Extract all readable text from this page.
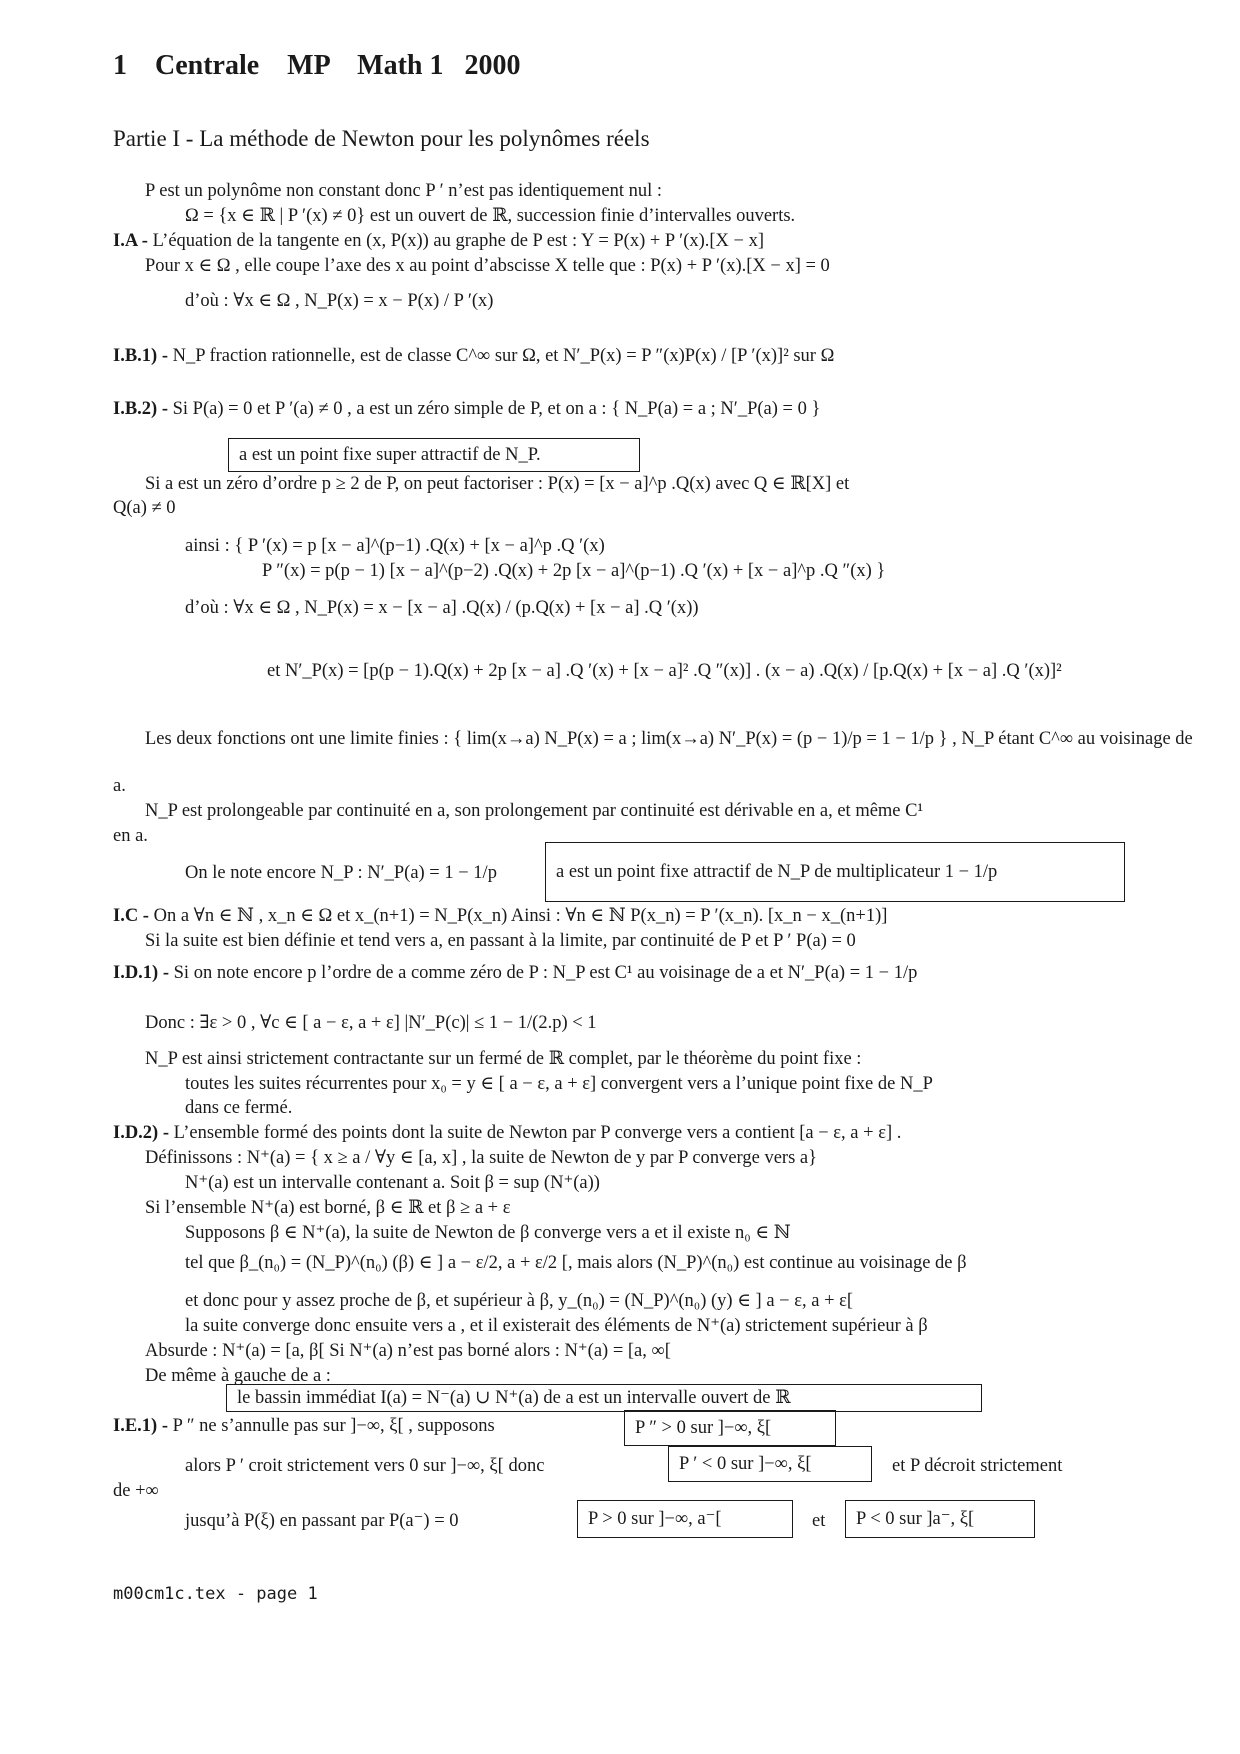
1    Centrale    MP    Math 1   2000
Partie I - La méthode de Newton pour les polynômes réels
P est un polynôme non constant donc P ′ n’est pas identiquement nul :
Ω = {x ∈ ℝ | P ′(x) ≠ 0} est un ouvert de ℝ, succession finie d’intervalles ouverts.
I.A - L’équation de la tangente en (x, P(x)) au graphe de P est : Y = P(x) + P ′(x).[X − x]
Pour x ∈ Ω , elle coupe l’axe des x au point d’abscisse X telle que : P(x) + P ′(x).[X − x] = 0
d’où : ∀x ∈ Ω , N_P(x) = x − P(x) / P ′(x)
I.B.1) - N_P fraction rationnelle, est de classe C^∞ sur Ω, et N′_P(x) = P ″(x)P(x) / [P ′(x)]² sur Ω
I.B.2) - Si P(a) = 0 et P ′(a) ≠ 0 , a est un zéro simple de P, et on a : { N_P(a) = a ; N′_P(a) = 0 }
Si a est un zéro d’ordre p ≥ 2 de P, on peut factoriser : P(x) = [x − a]^p .Q(x) avec Q ∈ ℝ[X] et
Q(a) ≠ 0
ainsi : { P ′(x) = p [x − a]^(p−1) .Q(x) + [x − a]^p .Q ′(x)
P ″(x) = p(p − 1) [x − a]^(p−2) .Q(x) + 2p [x − a]^(p−1) .Q ′(x) + [x − a]^p .Q ″(x) }
d’où : ∀x ∈ Ω , N_P(x) = x − [x − a] .Q(x) / (p.Q(x) + [x − a] .Q ′(x))
et N′_P(x) = [p(p − 1).Q(x) + 2p [x − a] .Q ′(x) + [x − a]² .Q ″(x)] . (x − a) .Q(x) / [p.Q(x) + [x − a] .Q ′(x)]²
Les deux fonctions ont une limite finies : { lim(x→a) N_P(x) = a ; lim(x→a) N′_P(x) = (p − 1)/p = 1 − 1/p } , N_P étant C^∞ au voisinage de
a.
N_P est prolongeable par continuité en a, son prolongement par continuité est dérivable en a, et même C¹
en a.
On le note encore N_P : N′_P(a) = 1 − 1/p
I.C - On a ∀n ∈ ℕ , x_n ∈ Ω et x_(n+1) = N_P(x_n) Ainsi : ∀n ∈ ℕ P(x_n) = P ′(x_n). [x_n − x_(n+1)]
Si la suite est bien définie et tend vers a, en passant à la limite, par continuité de P et P ′ P(a) = 0
I.D.1) - Si on note encore p l’ordre de a comme zéro de P : N_P est C¹ au voisinage de a et N′_P(a) = 1 − 1/p
Donc : ∃ε > 0 , ∀c ∈ [ a − ε, a + ε] |N′_P(c)| ≤ 1 − 1/(2.p) < 1
N_P est ainsi strictement contractante sur un fermé de ℝ complet, par le théorème du point fixe :
toutes les suites récurrentes pour x₀ = y ∈ [ a − ε, a + ε] convergent vers a l’unique point fixe de N_P
dans ce fermé.
I.D.2) - L’ensemble formé des points dont la suite de Newton par P converge vers a contient [a − ε, a + ε] .
Définissons : N⁺(a) = { x ≥ a / ∀y ∈ [a, x] , la suite de Newton de y par P converge vers a}
N⁺(a) est un intervalle contenant a. Soit β = sup (N⁺(a))
Si l’ensemble N⁺(a) est borné, β ∈ ℝ et β ≥ a + ε
Supposons β ∈ N⁺(a), la suite de Newton de β converge vers a et il existe n₀ ∈ ℕ
tel que β_(n₀) = (N_P)^(n₀) (β) ∈ ] a − ε/2, a + ε/2 [, mais alors (N_P)^(n₀) est continue au voisinage de β
et donc pour y assez proche de β, et supérieur à β, y_(n₀) = (N_P)^(n₀) (y) ∈ ] a − ε, a + ε[
la suite converge donc ensuite vers a , et il existerait des éléments de N⁺(a) strictement supérieur à β
Absurde : N⁺(a) = [a, β[ Si N⁺(a) n’est pas borné alors : N⁺(a) = [a, ∞[
De même à gauche de a :
I.E.1) - P ″ ne s’annulle pas sur ]−∞, ξ[ , supposons
alors P ′ croit strictement vers 0 sur ]−∞, ξ[ donc
de +∞
jusqu’à P(ξ) en passant par P(a⁻) = 0
a est un point fixe super attractif de N_P.
a est un point fixe attractif de N_P de multiplicateur 1 − 1/p
le bassin immédiat I(a) = N⁻(a) ∪ N⁺(a) de a est un intervalle ouvert de ℝ
P ″ > 0 sur ]−∞, ξ[
P ′ < 0 sur ]−∞, ξ[	et P décroit strictement
P > 0 sur ]−∞, a⁻[	et P < 0 sur ]a⁻, ξ[
m00cm1c.tex - page 1
